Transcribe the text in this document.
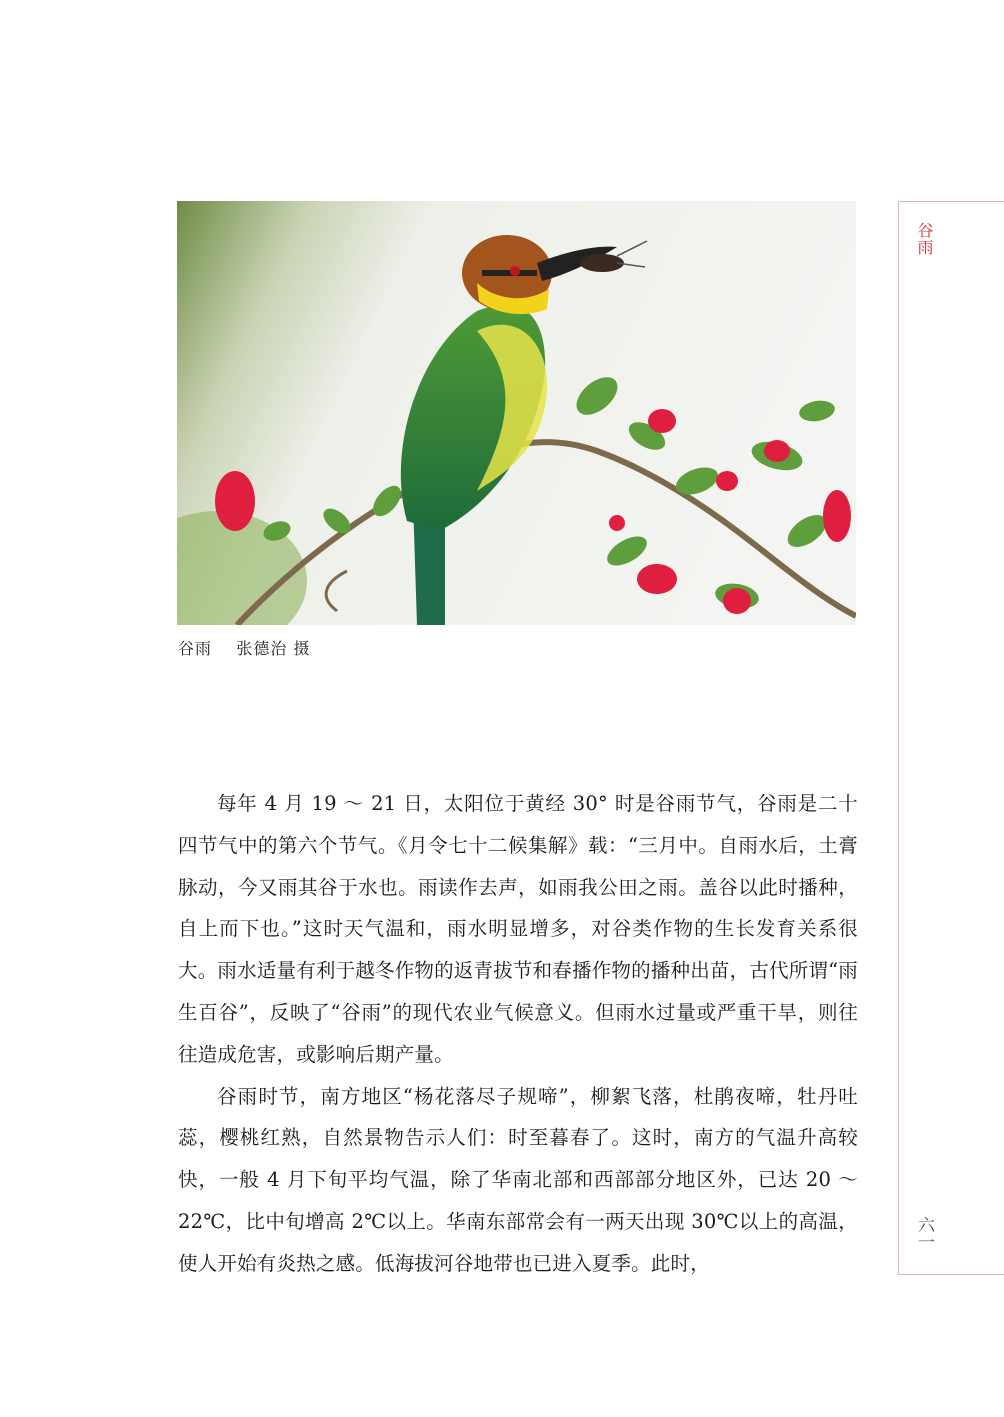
谷雨 张德治 摄

每年 4 月 19 ～ 21 日，太阳位于黄经 30° 时是谷雨节气，谷雨是二十四节气中的第六个节气。《月令七十二候集解》载：“三月中。自雨水后，土膏脉动，今又雨其谷于水也。雨读作去声，如雨我公田之雨。盖谷以此时播种，自上而下也。”这时天气温和，雨水明显增多，对谷类作物的生长发育关系很大。雨水适量有利于越冬作物的返青拔节和春播作物的播种出苗，古代所谓“雨生百谷”，反映了“谷雨”的现代农业气候意义。但雨水过量或严重干旱，则往往造成危害，或影响后期产量。

谷雨时节，南方地区“杨花落尽子规啼”，柳絮飞落，杜鹃夜啼，牡丹吐蕊，樱桃红熟，自然景物告示人们：时至暮春了。这时，南方的气温升高较快，一般 4 月下旬平均气温，除了华南北部和西部部分地区外，已达 20 ～ 22℃，比中旬增高 2℃以上。华南东部常会有一两天出现 30℃以上的高温，使人开始有炎热之感。低海拔河谷地带也已进入夏季。此时，

谷雨
六一
